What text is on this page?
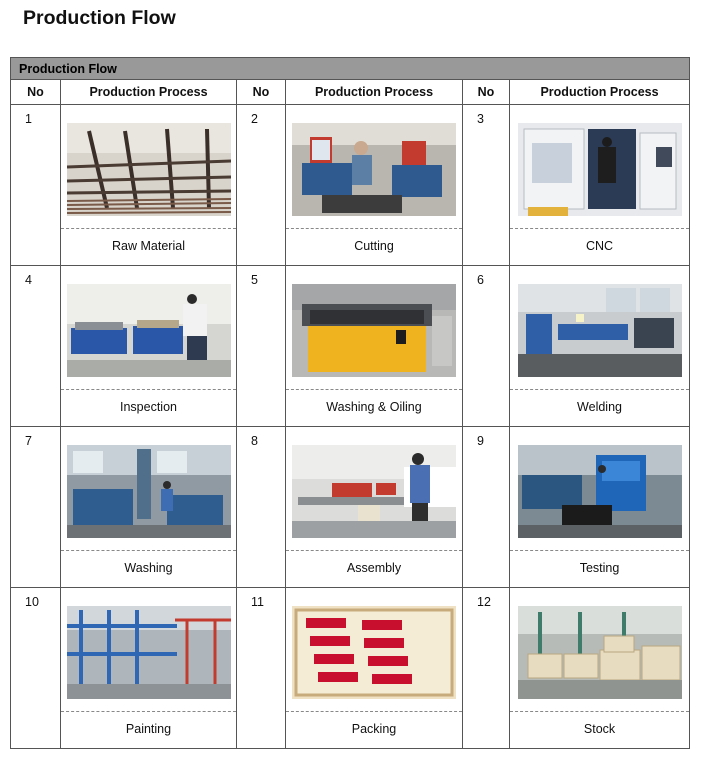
Production Flow
Production Flow					
No	Production Process	No	Production Process	No	Production Process
1	Raw Material	2	Cutting	3	CNC

4	Inspection	5	Washing & Oiling	6	Welding

7	Washing	8	Assembly	9	Testing

10	Painting	11	Packing	12	Stock
